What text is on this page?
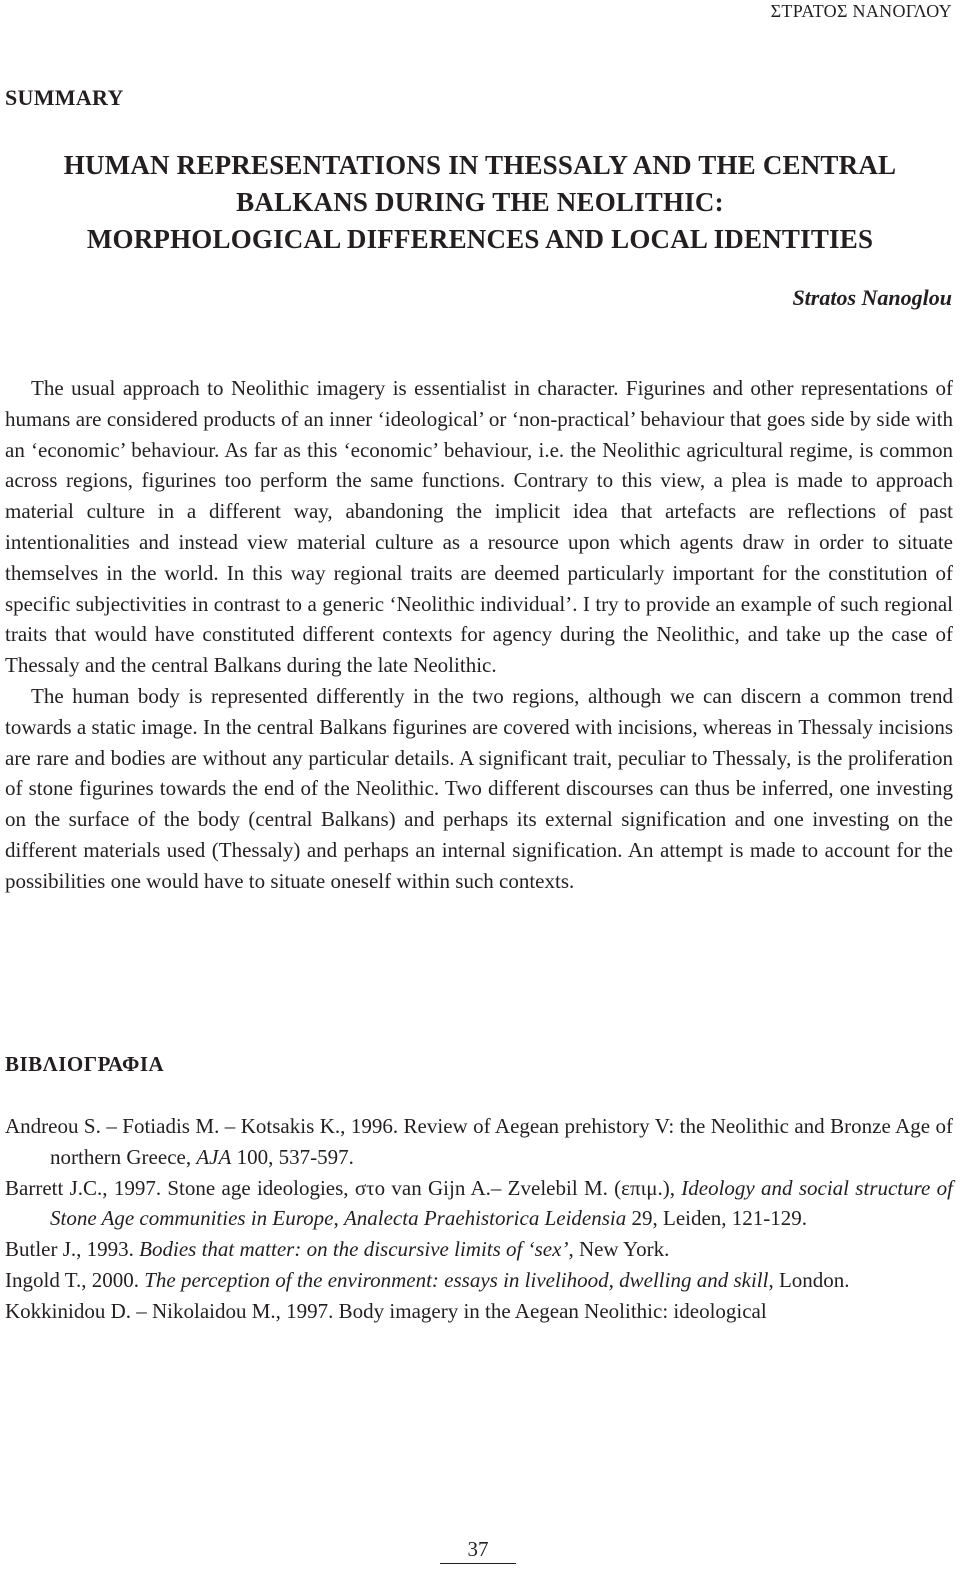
ΣΤΡΑΤΟΣ ΝΑΝΟΓΛΟΥ
SUMMARY
HUMAN REPRESENTATIONS IN THESSALY AND THE CENTRAL
BALKANS DURING THE NEOLITHIC:
MORPHOLOGICAL DIFFERENCES AND LOCAL IDENTITIES
Stratos Nanoglou

The usual approach to Neolithic imagery is essentialist in character. Figurines and other representations of humans are considered products of an inner ‘ideological’ or ‘non-practical’ behaviour that goes side by side with an ‘economic’ behaviour. As far as this ‘economic’ behaviour, i.e. the Neolithic agricultural regime, is common across regions, figurines too perform the same functions. Contrary to this view, a plea is made to approach material culture in a different way, abandoning the implicit idea that artefacts are reflections of past intentionalities and instead view material culture as a resource upon which agents draw in order to situate themselves in the world. In this way regional traits are deemed particularly important for the constitution of specific subjectivities in contrast to a generic ‘Neolithic individual’. I try to provide an example of such regional traits that would have constituted different contexts for agency during the Neolithic, and take up the case of Thessaly and the central Balkans during the late Neolithic.

The human body is represented differently in the two regions, although we can discern a common trend towards a static image. In the central Balkans figurines are covered with incisions, whereas in Thessaly incisions are rare and bodies are without any particular details. A significant trait, peculiar to Thessaly, is the proliferation of stone figurines towards the end of the Neolithic. Two different discourses can thus be inferred, one investing on the surface of the body (central Balkans) and perhaps its external signification and one investing on the different materials used (Thessaly) and perhaps an internal signification. An attempt is made to account for the possibilities one would have to situate oneself within such contexts.

ΒΙΒΛΙΟΓΡΑΦΙΑ
Andreou S. – Fotiadis M. – Kotsakis K., 1996. Review of Aegean prehistory V: the Neolithic and Bronze Age of northern Greece, AJA 100, 537-597.
Barrett J.C., 1997. Stone age ideologies, στο van Gijn A.– Zvelebil M. (επιμ.), Ideology and social structure of Stone Age communities in Europe, Analecta Praehistorica Leidensia 29, Leiden, 121-129.
Butler J., 1993. Bodies that matter: on the discursive limits of ‘sex’, New York.
Ingold T., 2000. The perception of the environment: essays in livelihood, dwelling and skill, London.
Kokkinidou D. – Nikolaidou M., 1997. Body imagery in the Aegean Neolithic: ideological
37
